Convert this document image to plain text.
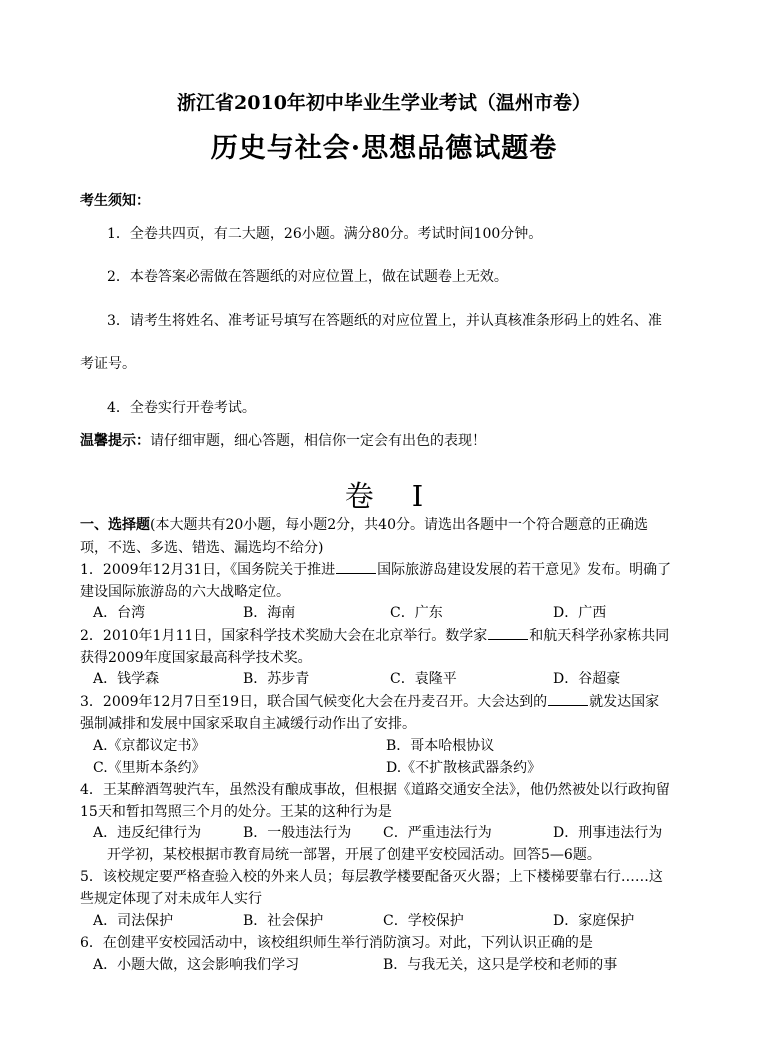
浙江省2010年初中毕业生学业考试（温州市卷）
历史与社会·思想品德试题卷
考生须知：
1．全卷共四页，有二大题，26小题。满分80分。考试时间100分钟。
2．本卷答案必需做在答题纸的对应位置上，做在试题卷上无效。
3．请考生将姓名、准考证号填写在答题纸的对应位置上，并认真核准条形码上的姓名、准
考证号。
4．全卷实行开卷考试。
温馨提示：请仔细审题，细心答题，相信你一定会有出色的表现！
卷 I
一、选择题(本大题共有20小题，每小题2分，共40分。请选出各题中一个符合题意的正确选
项，不选、多选、错选、漏选均不给分)
1．2009年12月31日，《国务院关于推进	国际旅游岛建设发展的若干意见》发布。明确了
建设国际旅游岛的六大战略定位。
A．台湾	B．海南	C．广东	D．广西
2．2010年1月11日，国家科学技术奖励大会在北京举行。数学家	和航天科学孙家栋共同
获得2009年度国家最高科学技术奖。
A．钱学森	B．苏步青	C．袁隆平	D．谷超豪
3．2009年12月7日至19日，联合国气候变化大会在丹麦召开。大会达到的	就发达国家
强制减排和发展中国家采取自主减缓行动作出了安排。
A.《京都议定书》	B．哥本哈根协议
C.《里斯本条约》	D.《不扩散核武器条约》
4．王某醉酒驾驶汽车，虽然没有酿成事故，但根据《道路交通安全法》，他仍然被处以行政拘留
15天和暂扣驾照三个月的处分。王某的这种行为是
A．违反纪律行为	B．一般违法行为 C．严重违法行为	D．刑事违法行为
开学初，某校根据市教育局统一部署，开展了创建平安校园活动。回答5—6题。
5．该校规定要严格查验入校的外来人员；每层教学楼要配备灭火器；上下楼梯要靠右行……这
些规定体现了对未成年人实行
A．司法保护	B．社会保护	C．学校保护	D．家庭保护
6．在创建平安校园活动中，该校组织师生举行消防演习。对此，下列认识正确的是
A．小题大做，这会影响我们学习	B．与我无关，这只是学校和老师的事
